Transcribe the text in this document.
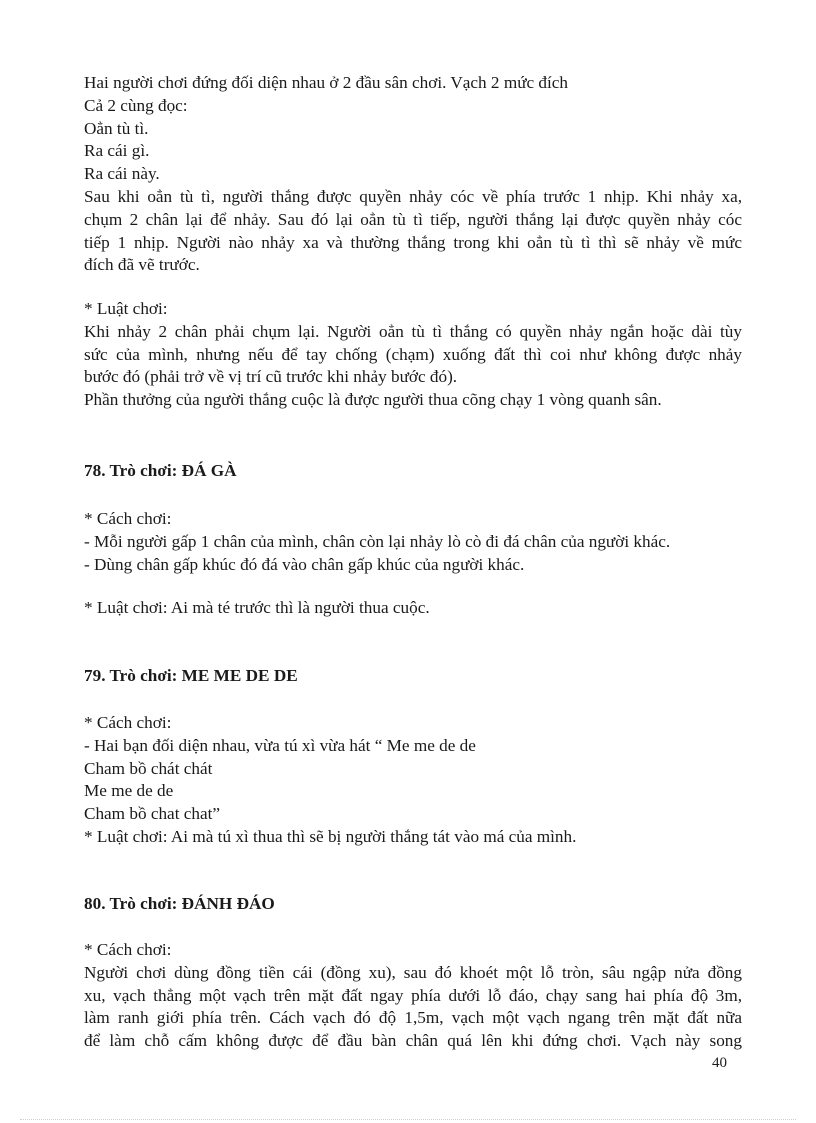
Hai người chơi đứng đối diện nhau ở 2 đầu sân chơi. Vạch 2 mức đích
Cả 2 cùng đọc:
Oẳn tù tì.
Ra cái gì.
Ra cái này.
Sau khi oẳn tù tì, người thắng được quyền nhảy cóc về phía trước 1 nhịp. Khi nhảy xa,
chụm 2 chân lại để nhảy. Sau đó lại oẳn tù tì tiếp, người thắng lại được quyền nhảy cóc
tiếp 1 nhịp. Người nào nhảy xa và thường thắng trong khi oẳn tù tì thì sẽ nhảy về mức
đích đã vẽ trước.
* Luật chơi:
Khi nhảy 2 chân phải chụm lại. Người oẳn tù tì thắng có quyền nhảy ngắn hoặc dài tùy
sức của mình, nhưng nếu để tay chống (chạm) xuống đất thì coi như không được nhảy
bước đó (phải trở về vị trí cũ trước khi nhảy bước đó).
Phần thưởng của người thắng cuộc là được người thua cõng chạy 1 vòng quanh sân.
78. Trò chơi: ĐÁ GÀ
* Cách chơi:
- Mỗi người gấp 1 chân của mình, chân còn lại nhảy lò cò đi đá chân của người khác.
- Dùng chân gấp khúc đó đá vào chân gấp khúc của người khác.
* Luật chơi: Ai mà té trước thì là người thua cuộc.
79. Trò chơi: ME ME DE DE
* Cách chơi:
- Hai bạn đối diện nhau, vừa tú xì vừa hát “ Me me de de
Cham bồ chát chát
Me me de de
Cham bồ chat chat”
* Luật chơi: Ai mà tú xì thua thì sẽ bị người thắng tát vào má của mình.
80. Trò chơi: ĐÁNH ĐÁO
* Cách chơi:
Người chơi dùng đồng tiền cái (đồng xu), sau đó khoét một lỗ tròn, sâu ngập nửa đồng
xu, vạch thẳng một vạch trên mặt đất ngay phía dưới lỗ đáo, chạy sang hai phía độ 3m,
làm ranh giới phía trên. Cách vạch đó độ 1,5m, vạch một vạch ngang trên mặt đất nữa
để làm chỗ cấm không được để đầu bàn chân quá lên khi đứng chơi. Vạch này song
40
